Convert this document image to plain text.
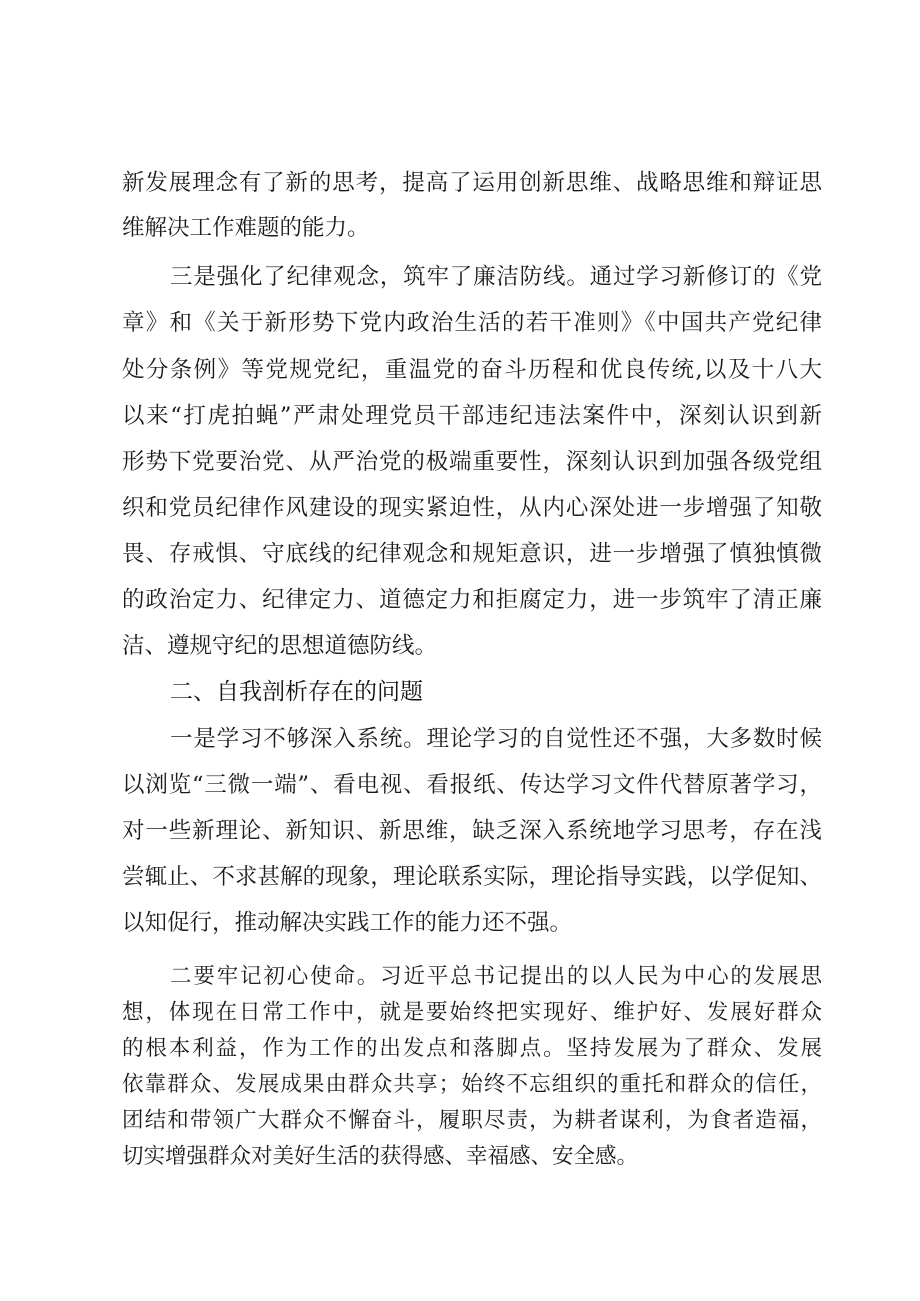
新发展理念有了新的思考，提高了运用创新思维、战略思维和辩证思
维解决工作难题的能力。
三是强化了纪律观念，筑牢了廉洁防线。通过学习新修订的《党
章》和《关于新形势下党内政治生活的若干准则》《中国共产党纪律
处分条例》等党规党纪，重温党的奋斗历程和优良传统,以及十八大
以来“打虎拍蝇”严肃处理党员干部违纪违法案件中，深刻认识到新
形势下党要治党、从严治党的极端重要性，深刻认识到加强各级党组
织和党员纪律作风建设的现实紧迫性，从内心深处进一步增强了知敬
畏、存戒惧、守底线的纪律观念和规矩意识，进一步增强了慎独慎微
的政治定力、纪律定力、道德定力和拒腐定力，进一步筑牢了清正廉
洁、遵规守纪的思想道德防线。
二、自我剖析存在的问题
一是学习不够深入系统。理论学习的自觉性还不强，大多数时候
以浏览“三微一端”、看电视、看报纸、传达学习文件代替原著学习，
对一些新理论、新知识、新思维，缺乏深入系统地学习思考，存在浅
尝辄止、不求甚解的现象，理论联系实际，理论指导实践，以学促知、
以知促行，推动解决实践工作的能力还不强。
二要牢记初心使命。习近平总书记提出的以人民为中心的发展思
想，体现在日常工作中，就是要始终把实现好、维护好、发展好群众
的根本利益，作为工作的出发点和落脚点。坚持发展为了群众、发展
依靠群众、发展成果由群众共享；始终不忘组织的重托和群众的信任，
团结和带领广大群众不懈奋斗，履职尽责，为耕者谋利，为食者造福，
切实增强群众对美好生活的获得感、幸福感、安全感。
